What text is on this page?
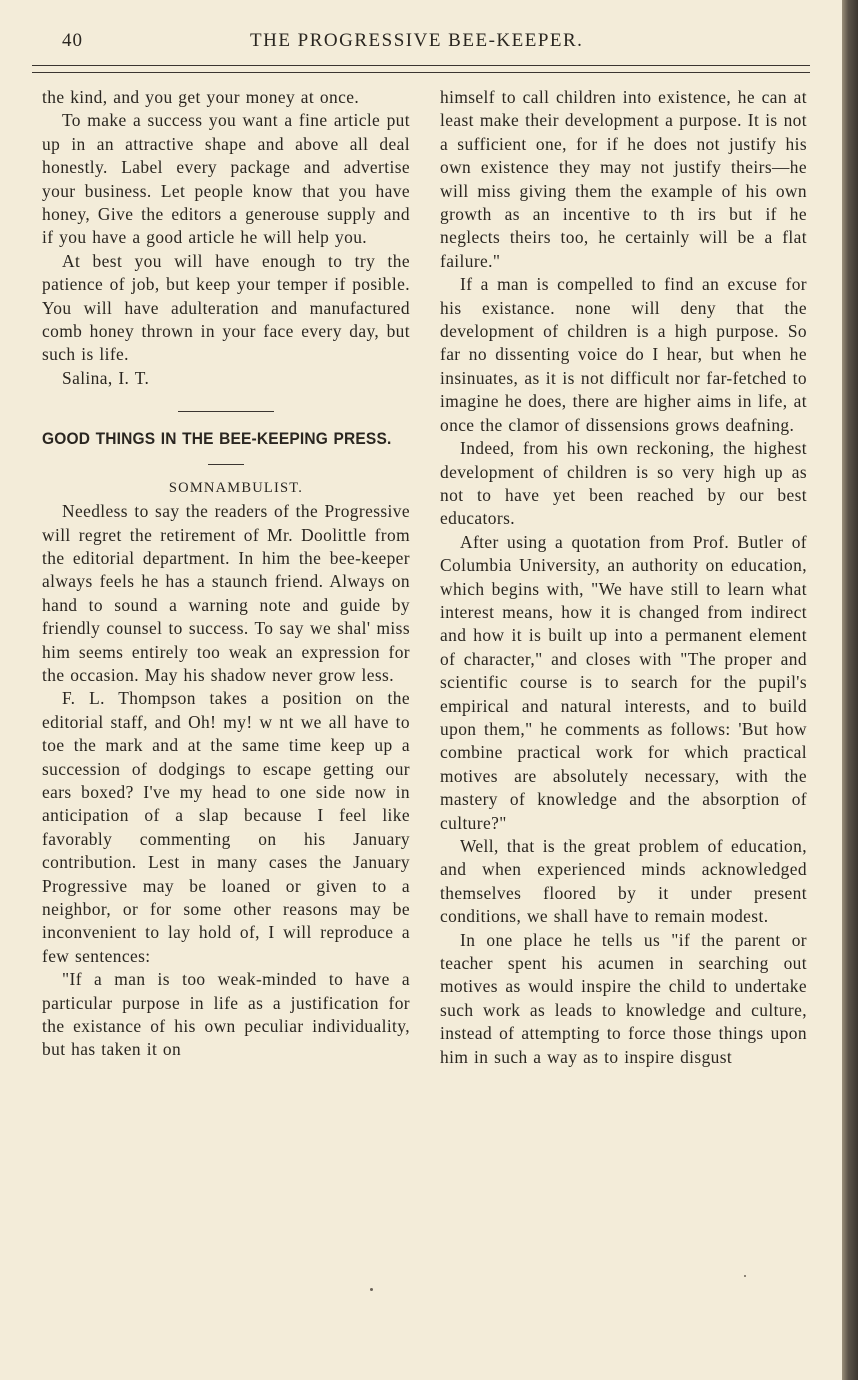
40	THE PROGRESSIVE BEE-KEEPER.

the kind, and you get your money at once.

To make a success you want a fine article put up in an attractive shape and above all deal honestly. Label every package and advertise your business. Let people know that you have honey, Give the editors a generouse supply and if you have a good article he will help you.

At best you will have enough to try the patience of job, but keep your temper if posible. You will have adulteration and manufactured comb honey thrown in your face every day, but such is life.

Salina, I. T.

GOOD THINGS IN THE BEE-KEEPING PRESS.

SOMNAMBULIST.

Needless to say the readers of the Progressive will regret the retirement of Mr. Doolittle from the editorial department. In him the bee-keeper always feels he has a staunch friend. Always on hand to sound a warning note and guide by friendly counsel to success. To say we shal' miss him seems entirely too weak an expression for the occasion. May his shadow never grow less.

F. L. Thompson takes a position on the editorial staff, and Oh! my! w nt we all have to toe the mark and at the same time keep up a succession of dodgings to escape getting our ears boxed? I've my head to one side now in anticipation of a slap because I feel like favorably commenting on his January contribution. Lest in many cases the January Progressive may be loaned or given to a neighbor, or for some other reasons may be inconvenient to lay hold of, I will reproduce a few sentences:

"If a man is too weak-minded to have a particular purpose in life as a justification for the existance of his own peculiar individuality, but has taken it on

himself to call children into existence, he can at least make their development a purpose. It is not a sufficient one, for if he does not justify his own existence they may not justify theirs—he will miss giving them the example of his own growth as an incentive to th irs but if he neglects theirs too, he certainly will be a flat failure."

If a man is compelled to find an excuse for his existance. none will deny that the development of children is a high purpose. So far no dissenting voice do I hear, but when he insinuates, as it is not difficult nor far-fetched to imagine he does, there are higher aims in life, at once the clamor of dissensions grows deafning.

Indeed, from his own reckoning, the highest development of children is so very high up as not to have yet been reached by our best educators.

After using a quotation from Prof. Butler of Columbia University, an authority on education, which begins with, "We have still to learn what interest means, how it is changed from indirect and how it is built up into a permanent element of character," and closes with "The proper and scientific course is to search for the pupil's empirical and natural interests, and to build upon them," he comments as follows: 'But how combine practical work for which practical motives are absolutely necessary, with the mastery of knowledge and the absorption of culture?"

Well, that is the great problem of education, and when experienced minds acknowledged themselves floored by it under present conditions, we shall have to remain modest.

In one place he tells us "if the parent or teacher spent his acumen in searching out motives as would inspire the child to undertake such work as leads to knowledge and culture, instead of attempting to force those things upon him in such a way as to inspire disgust
